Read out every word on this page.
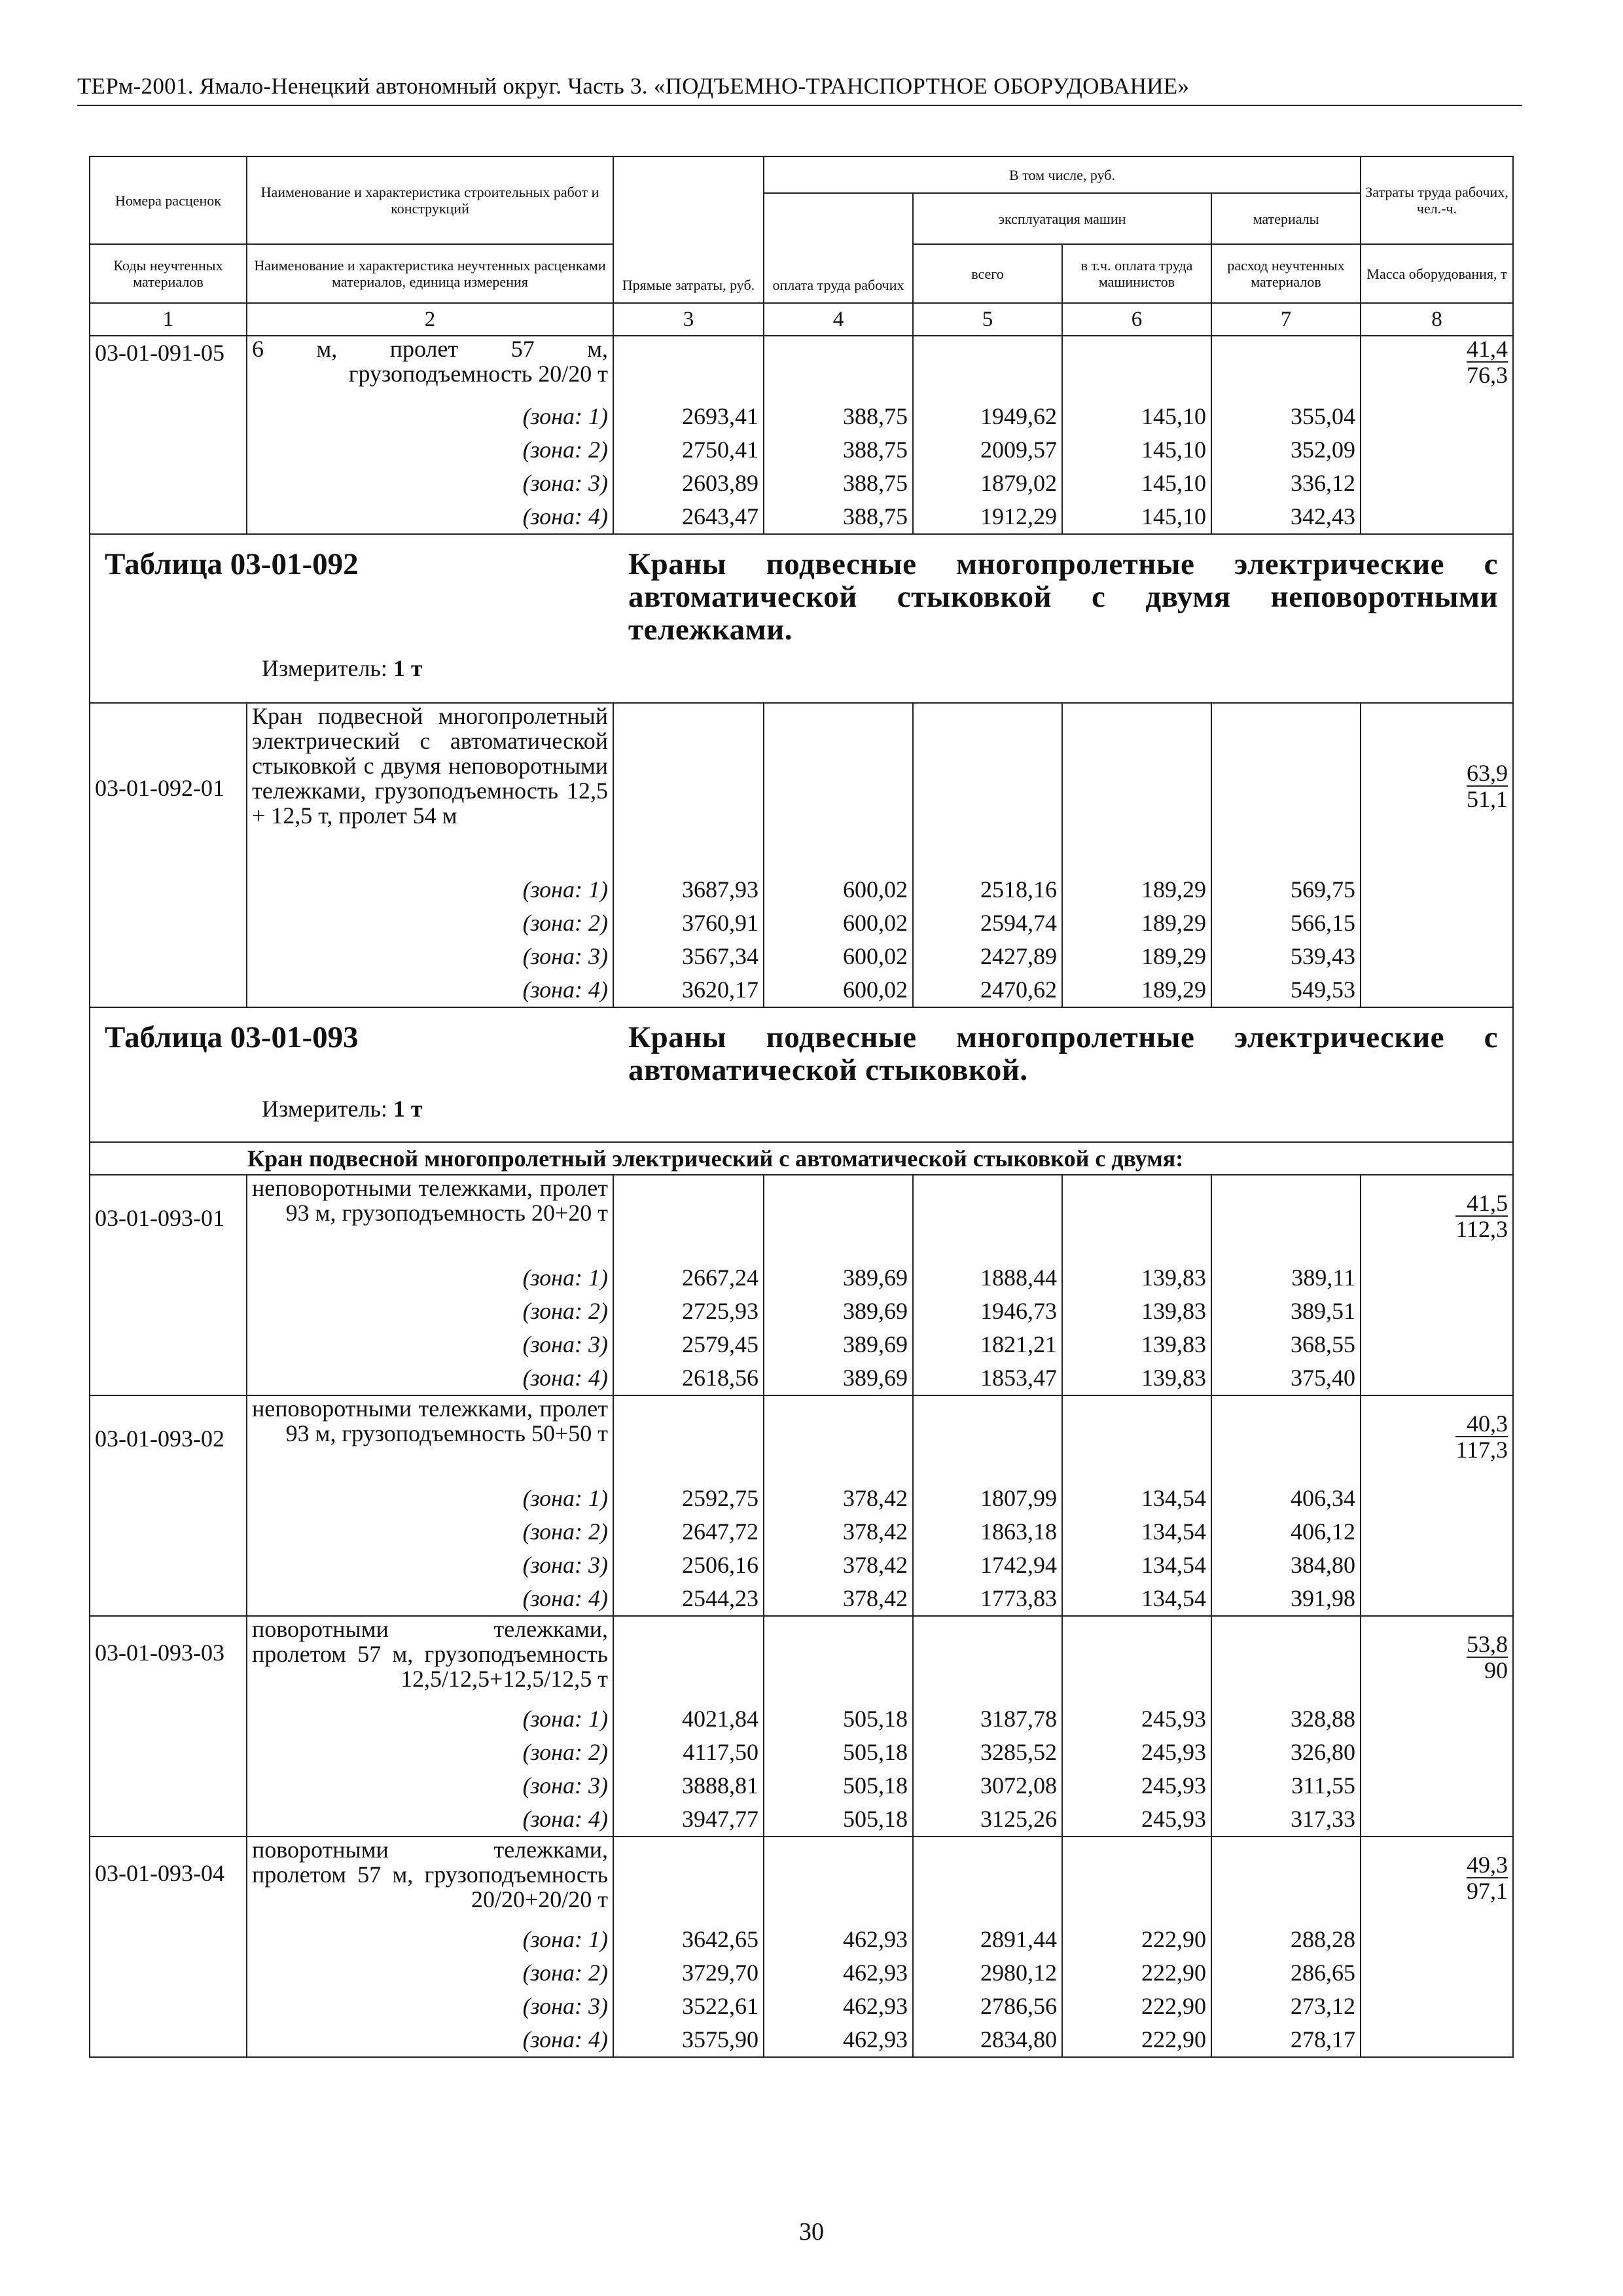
ТЕРм-2001. Ямало-Ненецкий автономный округ. Часть 3. «ПОДЪЕМНО-ТРАНСПОРТНОЕ ОБОРУДОВАНИЕ»
Номера расценок	Наименование и характеристика строительных работ и конструкций	Прямые затраты, руб.	В том числе, руб.				Затраты труда рабочих, чел.-ч.
			оплата труда рабочих	эксплуатация машин		материалы	
Коды неучтенных материалов	Наименование и характеристика неучтенных расценками материалов, единица измерения			всего	в т.ч. оплата труда машинистов	расход неучтенных материалов	Масса оборудования, т
1	2	3	4	5	6	7	8
03-01-091-05	6 м, пролет 57 м, грузоподъемность 20/20 т						$\frac{41,4}{76,3}$

	(зона: 1)	2693,41	388,75	1949,62	145,10	355,04	
	(зона: 2)	2750,41	388,75	2009,57	145,10	352,09	
	(зона: 3)	2603,89	388,75	1879,02	145,10	336,12	
	(зона: 4)	2643,47	388,75	1912,29	145,10	342,43	

Таблица 03-01-092 Краны подвесные многопролетные электрические с автоматической стыковкой с двумя неповоротными тележками.
Измеритель: 1 т							

03-01-092-01	Кран подвесной многопролетный электрический с автоматической стыковкой с двумя неповоротными тележками, грузоподъемность 12,5 + 12,5 т, пролет 54 м						$\frac{63,9}{51,1}$

	(зона: 1)	3687,93	600,02	2518,16	189,29	569,75	
	(зона: 2)	3760,91	600,02	2594,74	189,29	566,15	
	(зона: 3)	3567,34	600,02	2427,89	189,29	539,43	
	(зона: 4)	3620,17	600,02	2470,62	189,29	549,53	

Таблица 03-01-093 Краны подвесные многопролетные электрические с автоматической стыковкой.
Измеритель: 1 т							

Кран подвесной многопролетный электрический с автоматической стыковкой с двумя:							
03-01-093-01	неповоротными тележками, пролет 93 м, грузоподъемность 20+20 т						$\frac{41,5}{112,3}$

	(зона: 1)	2667,24	389,69	1888,44	139,83	389,11	
	(зона: 2)	2725,93	389,69	1946,73	139,83	389,51	
	(зона: 3)	2579,45	389,69	1821,21	139,83	368,55	
	(зона: 4)	2618,56	389,69	1853,47	139,83	375,40	
03-01-093-02	неповоротными тележками, пролет 93 м, грузоподъемность 50+50 т						$\frac{40,3}{117,3}$

	(зона: 1)	2592,75	378,42	1807,99	134,54	406,34	
	(зона: 2)	2647,72	378,42	1863,18	134,54	406,12	
	(зона: 3)	2506,16	378,42	1742,94	134,54	384,80	
	(зона: 4)	2544,23	378,42	1773,83	134,54	391,98	
03-01-093-03	поворотными тележками, пролетом 57 м, грузоподъемность 12,5/12,5+12,5/12,5 т						$\frac{53,8}{90}$

	(зона: 1)	4021,84	505,18	3187,78	245,93	328,88	
	(зона: 2)	4117,50	505,18	3285,52	245,93	326,80	
	(зона: 3)	3888,81	505,18	3072,08	245,93	311,55	
	(зона: 4)	3947,77	505,18	3125,26	245,93	317,33	
03-01-093-04	поворотными тележками, пролетом 57 м, грузоподъемность 20/20+20/20 т						$\frac{49,3}{97,1}$

	(зона: 1)	3642,65	462,93	2891,44	222,90	288,28	
	(зона: 2)	3729,70	462,93	2980,12	222,90	286,65	
	(зона: 3)	3522,61	462,93	2786,56	222,90	273,12	
	(зона: 4)	3575,90	462,93	2834,80	222,90	278,17	
30
